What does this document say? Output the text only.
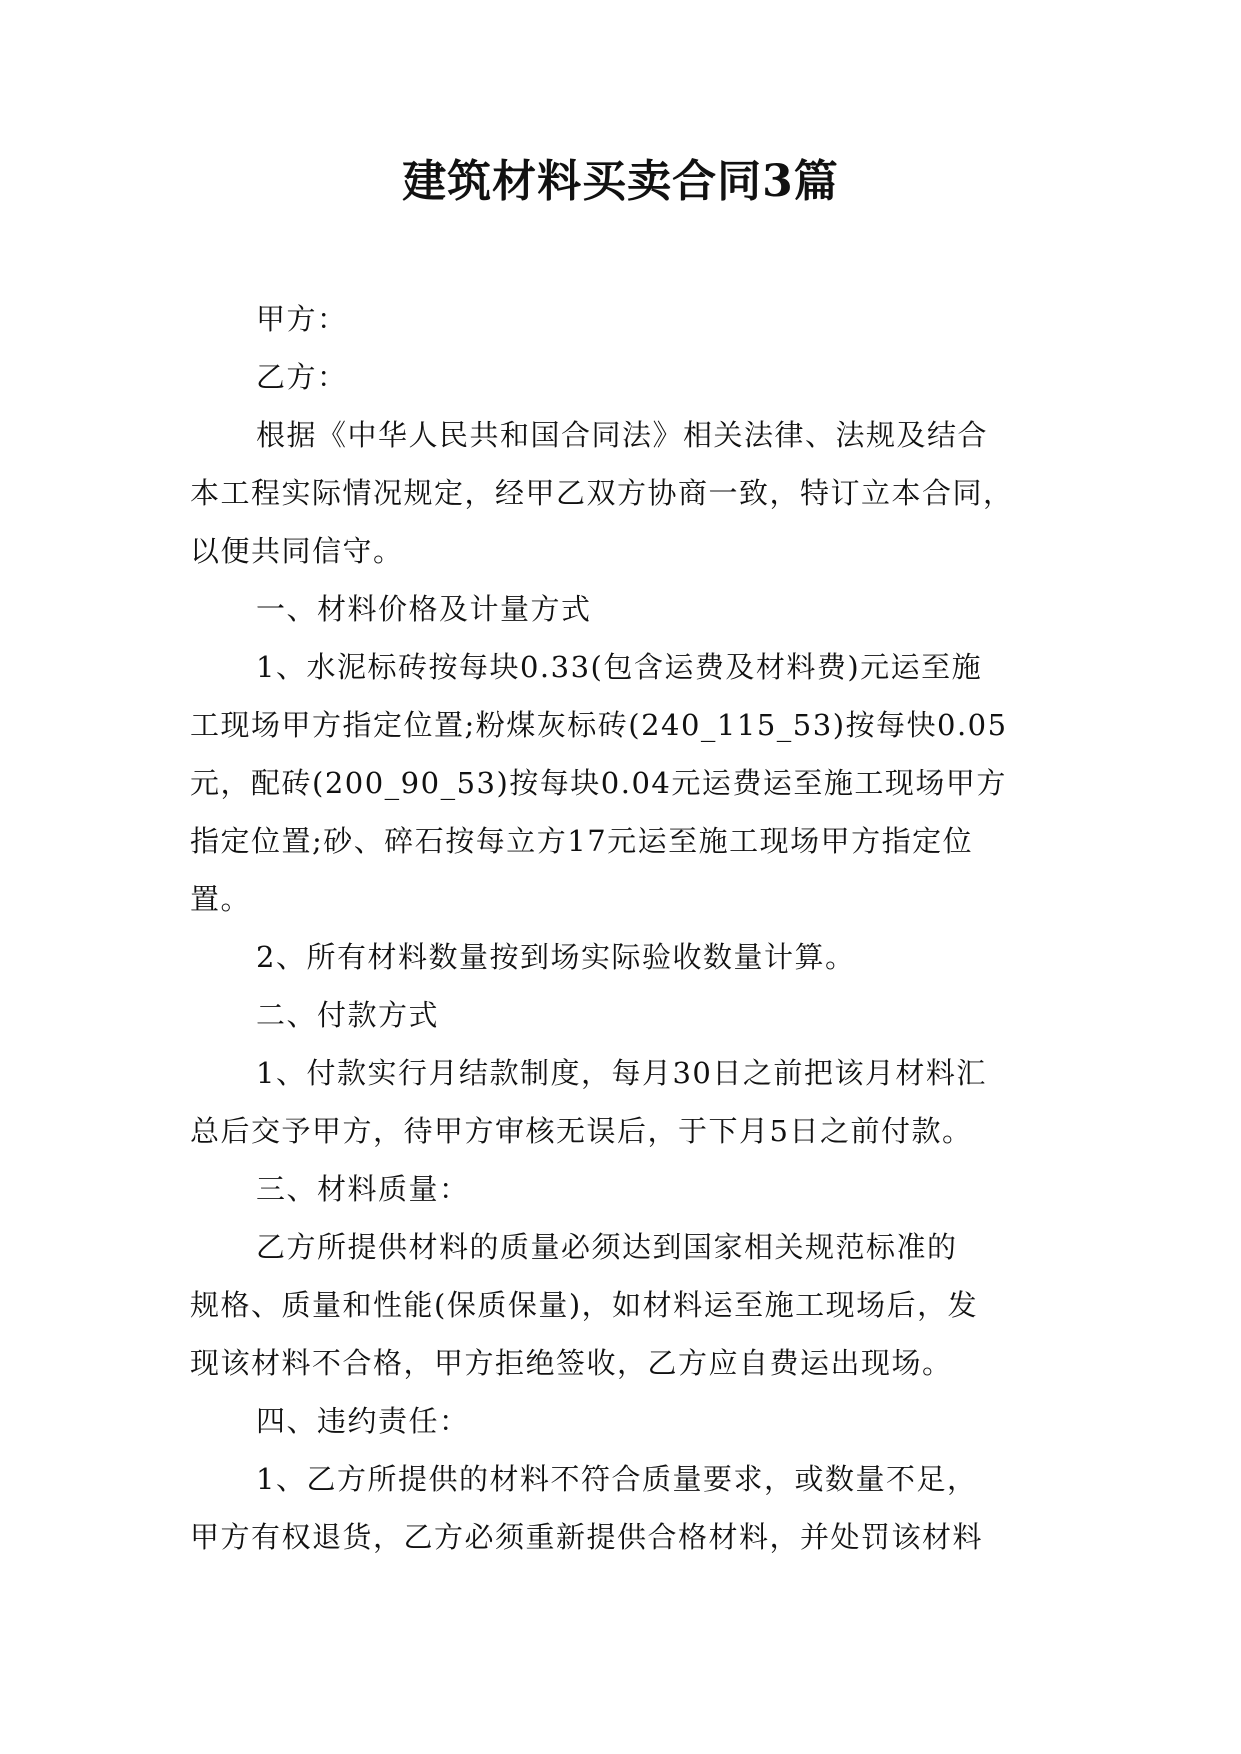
建筑材料买卖合同3篇
甲方：
乙方：
根据《中华人民共和国合同法》相关法律、法规及结合
本工程实际情况规定，经甲乙双方协商一致，特订立本合同，
以便共同信守。
一、材料价格及计量方式
1、水泥标砖按每块0.33(包含运费及材料费)元运至施
工现场甲方指定位置;粉煤灰标砖(240_115_53)按每快0.05
元，配砖(200_90_53)按每块0.04元运费运至施工现场甲方
指定位置;砂、碎石按每立方17元运至施工现场甲方指定位
置。
2、所有材料数量按到场实际验收数量计算。
二、付款方式
1、付款实行月结款制度，每月30日之前把该月材料汇
总后交予甲方，待甲方审核无误后，于下月5日之前付款。
三、材料质量：
乙方所提供材料的质量必须达到国家相关规范标准的
规格、质量和性能(保质保量)，如材料运至施工现场后，发
现该材料不合格，甲方拒绝签收，乙方应自费运出现场。
四、违约责任：
1、乙方所提供的材料不符合质量要求，或数量不足，
甲方有权退货，乙方必须重新提供合格材料，并处罚该材料
